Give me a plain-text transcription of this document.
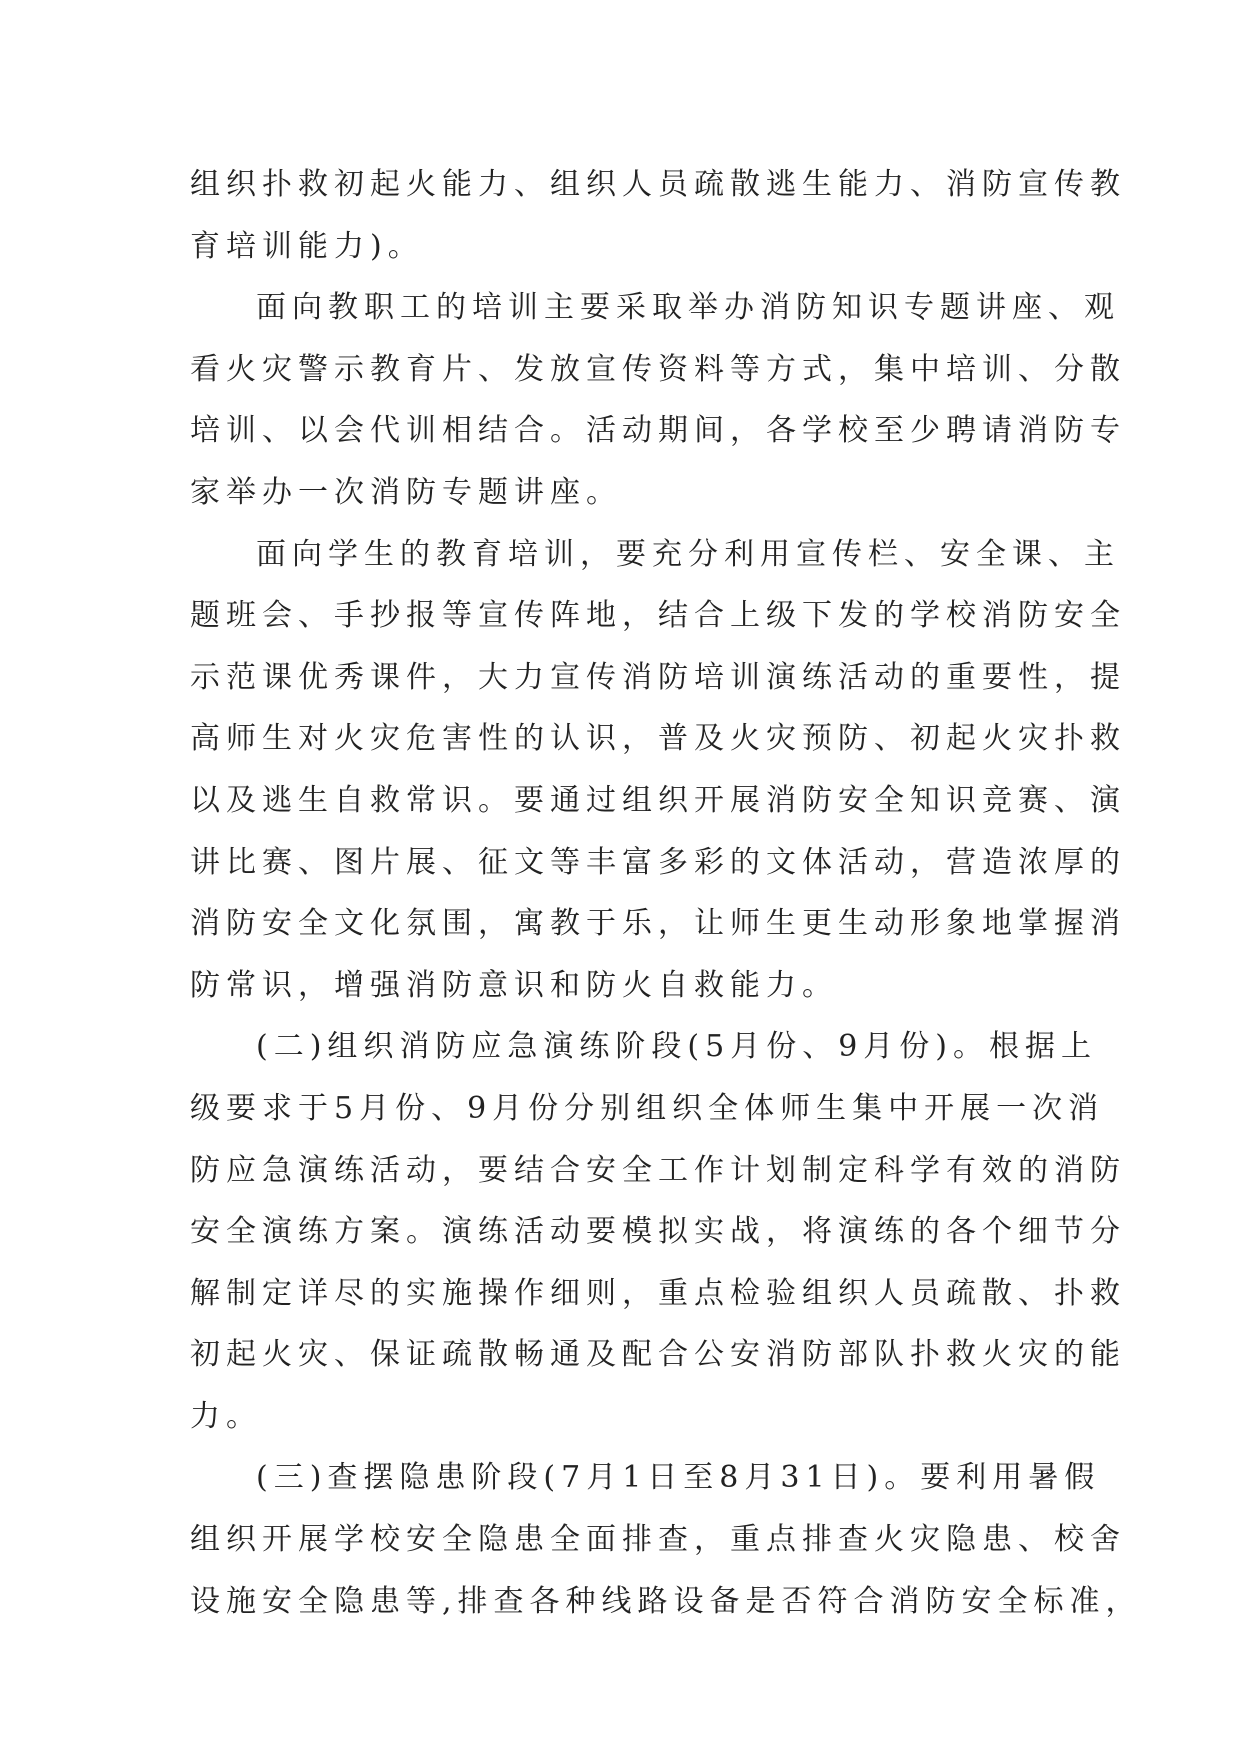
组织扑救初起火能力、组织人员疏散逃生能力、消防宣传教
育培训能力)。
面向教职工的培训主要采取举办消防知识专题讲座、观
看火灾警示教育片、发放宣传资料等方式，集中培训、分散
培训、以会代训相结合。活动期间，各学校至少聘请消防专
家举办一次消防专题讲座。
面向学生的教育培训，要充分利用宣传栏、安全课、主
题班会、手抄报等宣传阵地，结合上级下发的学校消防安全
示范课优秀课件，大力宣传消防培训演练活动的重要性，提
高师生对火灾危害性的认识，普及火灾预防、初起火灾扑救
以及逃生自救常识。要通过组织开展消防安全知识竞赛、演
讲比赛、图片展、征文等丰富多彩的文体活动，营造浓厚的
消防安全文化氛围，寓教于乐，让师生更生动形象地掌握消
防常识，增强消防意识和防火自救能力。
(二)组织消防应急演练阶段(5月份、9月份)。根据上
级要求于5月份、9月份分别组织全体师生集中开展一次消
防应急演练活动，要结合安全工作计划制定科学有效的消防
安全演练方案。演练活动要模拟实战，将演练的各个细节分
解制定详尽的实施操作细则，重点检验组织人员疏散、扑救
初起火灾、保证疏散畅通及配合公安消防部队扑救火灾的能
力。
(三)查摆隐患阶段(7月1日至8月31日)。要利用暑假
组织开展学校安全隐患全面排查，重点排查火灾隐患、校舍
设施安全隐患等,排查各种线路设备是否符合消防安全标准，
